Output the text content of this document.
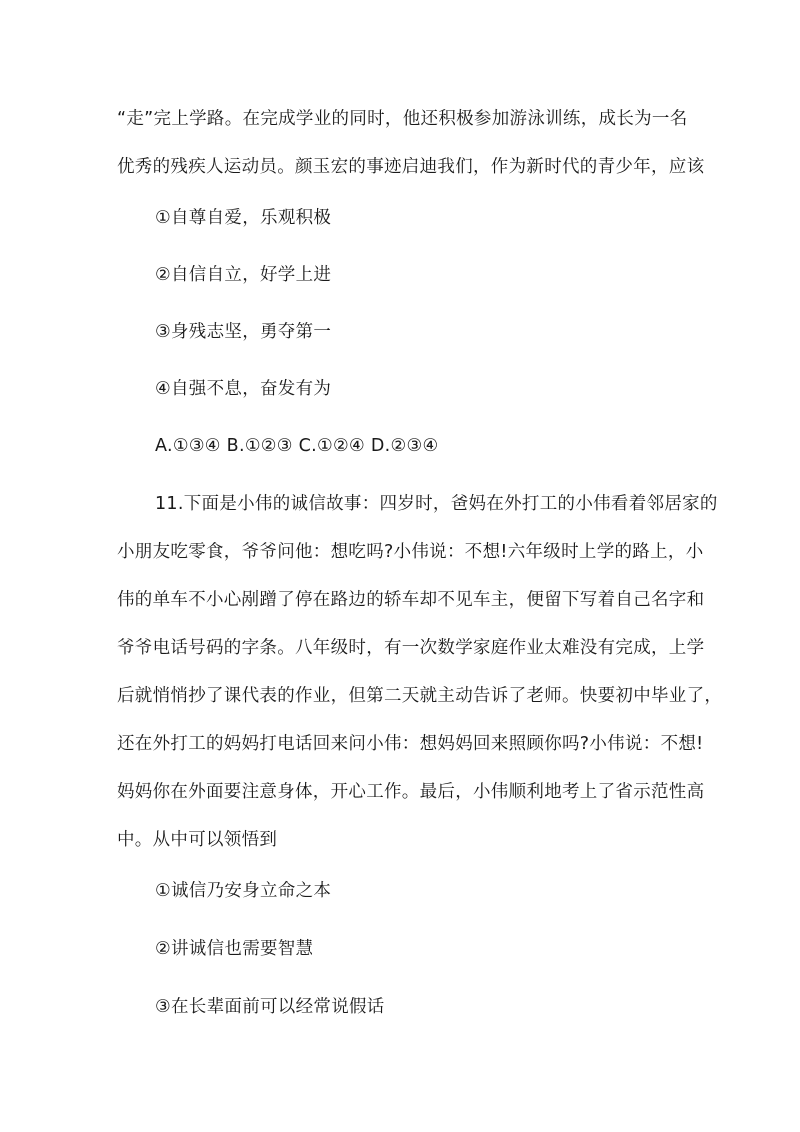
“走”完上学路。在完成学业的同时，他还积极参加游泳训练，成长为一名
优秀的残疾人运动员。颜玉宏的事迹启迪我们，作为新时代的青少年，应该
①自尊自爱，乐观积极
②自信自立，好学上进
③身残志坚，勇夺第一
④自强不息，奋发有为
A.①③④ B.①②③ C.①②④ D.②③④
11.下面是小伟的诚信故事：四岁时，爸妈在外打工的小伟看着邻居家的
小朋友吃零食，爷爷问他：想吃吗?小伟说：不想!六年级时上学的路上，小
伟的单车不小心剐蹭了停在路边的轿车却不见车主，便留下写着自己名字和
爷爷电话号码的字条。八年级时，有一次数学家庭作业太难没有完成，上学
后就悄悄抄了课代表的作业，但第二天就主动告诉了老师。快要初中毕业了，
还在外打工的妈妈打电话回来问小伟：想妈妈回来照顾你吗?小伟说：不想!
妈妈你在外面要注意身体，开心工作。最后，小伟顺利地考上了省示范性高
中。从中可以领悟到
①诚信乃安身立命之本
②讲诚信也需要智慧
③在长辈面前可以经常说假话
